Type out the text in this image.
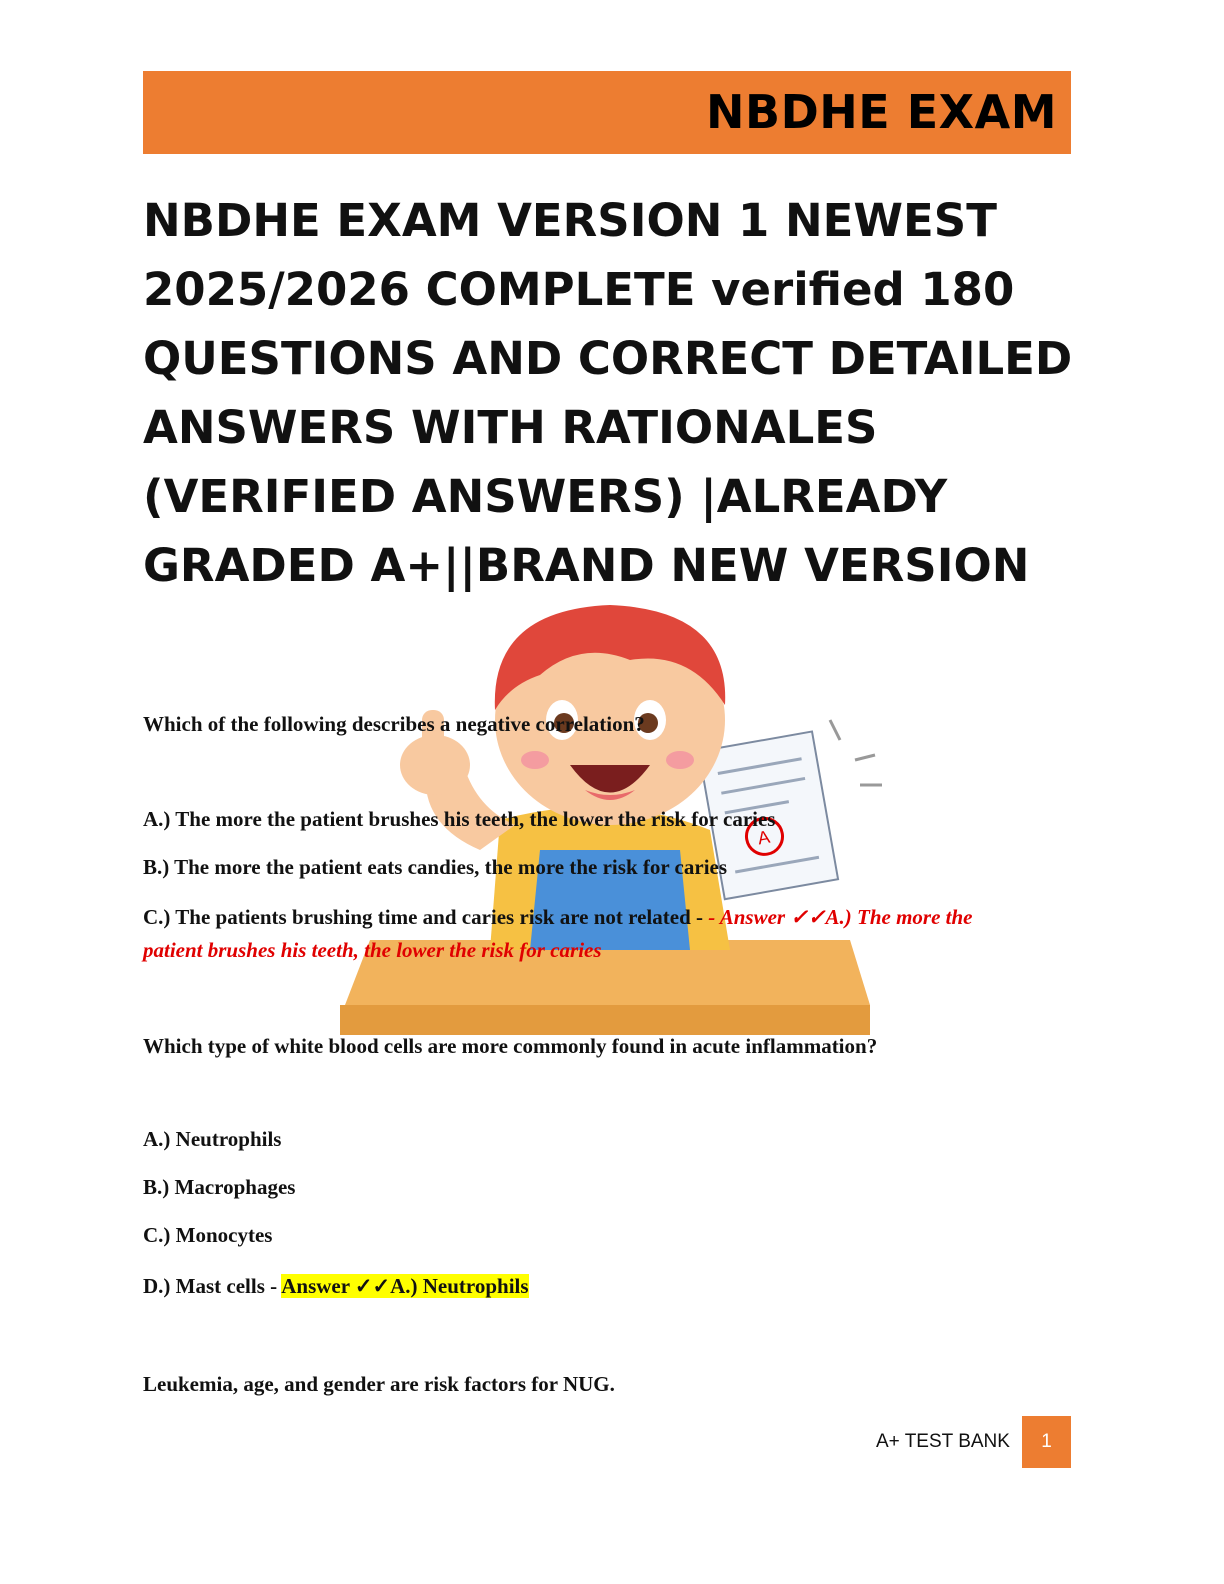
NBDHE EXAM
NBDHE EXAM VERSION 1 NEWEST 2025/2026 COMPLETE verified 180 QUESTIONS AND CORRECT DETAILED ANSWERS WITH RATIONALES (VERIFIED ANSWERS) |ALREADY GRADED A+||BRAND NEW VERSION
A
Which of the following describes a negative correlation?
A.) The more the patient brushes his teeth, the lower the risk for caries
B.) The more the patient eats candies, the more the risk for caries
C.) The patients brushing time and caries risk are not related - - Answer ✓✓A.) The more the
patient brushes his teeth, the lower the risk for caries
Which type of white blood cells are more commonly found in acute inflammation?
A.) Neutrophils
B.) Macrophages
C.) Monocytes
D.) Mast cells - Answer ✓✓A.) Neutrophils
Leukemia, age, and gender are risk factors for NUG.
A+ TEST BANK 1
